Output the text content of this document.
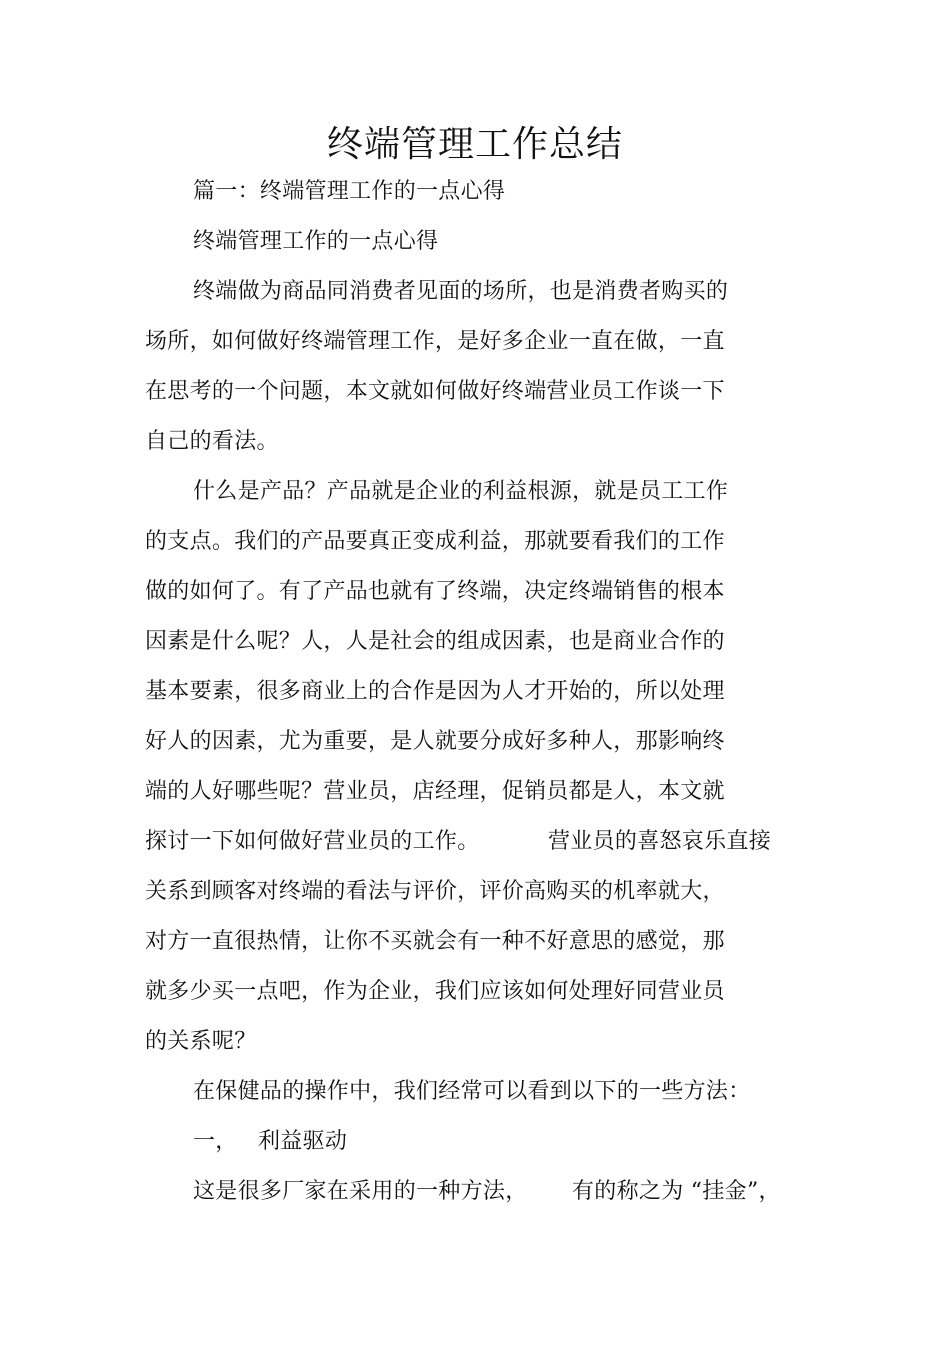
终端管理工作总结
篇一：终端管理工作的一点心得
终端管理工作的一点心得
终端做为商品同消费者见面的场所，也是消费者购买的
场所，如何做好终端管理工作，是好多企业一直在做，一直
在思考的一个问题，本文就如何做好终端营业员工作谈一下
自己的看法。
什么是产品？产品就是企业的利益根源，就是员工工作
的支点。我们的产品要真正变成利益，那就要看我们的工作
做的如何了。有了产品也就有了终端，决定终端销售的根本
因素是什么呢？人，人是社会的组成因素，也是商业合作的
基本要素，很多商业上的合作是因为人才开始的，所以处理
好人的因素，尤为重要，是人就要分成好多种人，那影响终
端的人好哪些呢？营业员，店经理，促销员都是人，本文就
探讨一下如何做好营业员的工作。	营业员的喜怒哀乐直接
关系到顾客对终端的看法与评价，评价高购买的机率就大，
对方一直很热情，让你不买就会有一种不好意思的感觉，那
就多少买一点吧，作为企业，我们应该如何处理好同营业员
的关系呢？
在保健品的操作中，我们经常可以看到以下的一些方法：
一， 利益驱动
这是很多厂家在采用的一种方法， 有的称之为 “挂金”，
